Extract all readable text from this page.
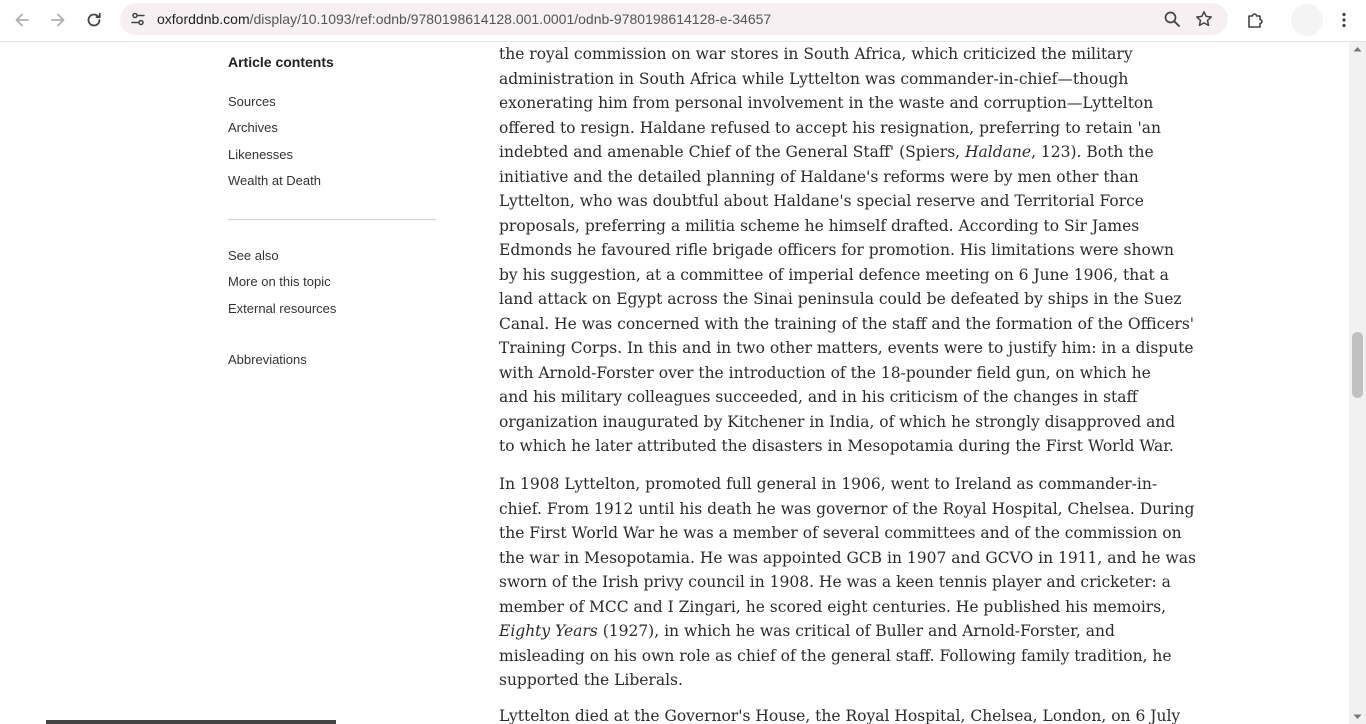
oxforddnb.com/display/10.1093/ref:odnb/9780198614128.001.0001/odnb-9780198614128-e-34657
Article contents
Sources
Archives
Likenesses
Wealth at Death
See also
More on this topic
External resources
Abbreviations
the royal commission on war stores in South Africa, which criticized the military
administration in South Africa while Lyttelton was commander-in-chief—though
exonerating him from personal involvement in the waste and corruption—Lyttelton
offered to resign. Haldane refused to accept his resignation, preferring to retain 'an
indebted and amenable Chief of the General Staff' (Spiers, Haldane, 123). Both the
initiative and the detailed planning of Haldane's reforms were by men other than
Lyttelton, who was doubtful about Haldane's special reserve and Territorial Force
proposals, preferring a militia scheme he himself drafted. According to Sir James
Edmonds he favoured rifle brigade officers for promotion. His limitations were shown
by his suggestion, at a committee of imperial defence meeting on 6 June 1906, that a
land attack on Egypt across the Sinai peninsula could be defeated by ships in the Suez
Canal. He was concerned with the training of the staff and the formation of the Officers'
Training Corps. In this and in two other matters, events were to justify him: in a dispute
with Arnold-Forster over the introduction of the 18-pounder field gun, on which he
and his military colleagues succeeded, and in his criticism of the changes in staff
organization inaugurated by Kitchener in India, of which he strongly disapproved and
to which he later attributed the disasters in Mesopotamia during the First World War.
In 1908 Lyttelton, promoted full general in 1906, went to Ireland as commander-in-
chief. From 1912 until his death he was governor of the Royal Hospital, Chelsea. During
the First World War he was a member of several committees and of the commission on
the war in Mesopotamia. He was appointed GCB in 1907 and GCVO in 1911, and he was
sworn of the Irish privy council in 1908. He was a keen tennis player and cricketer: a
member of MCC and I Zingari, he scored eight centuries. He published his memoirs,
Eighty Years (1927), in which he was critical of Buller and Arnold-Forster, and
misleading on his own role as chief of the general staff. Following family tradition, he
supported the Liberals.
Lyttelton died at the Governor's House, the Royal Hospital, Chelsea, London, on 6 July
